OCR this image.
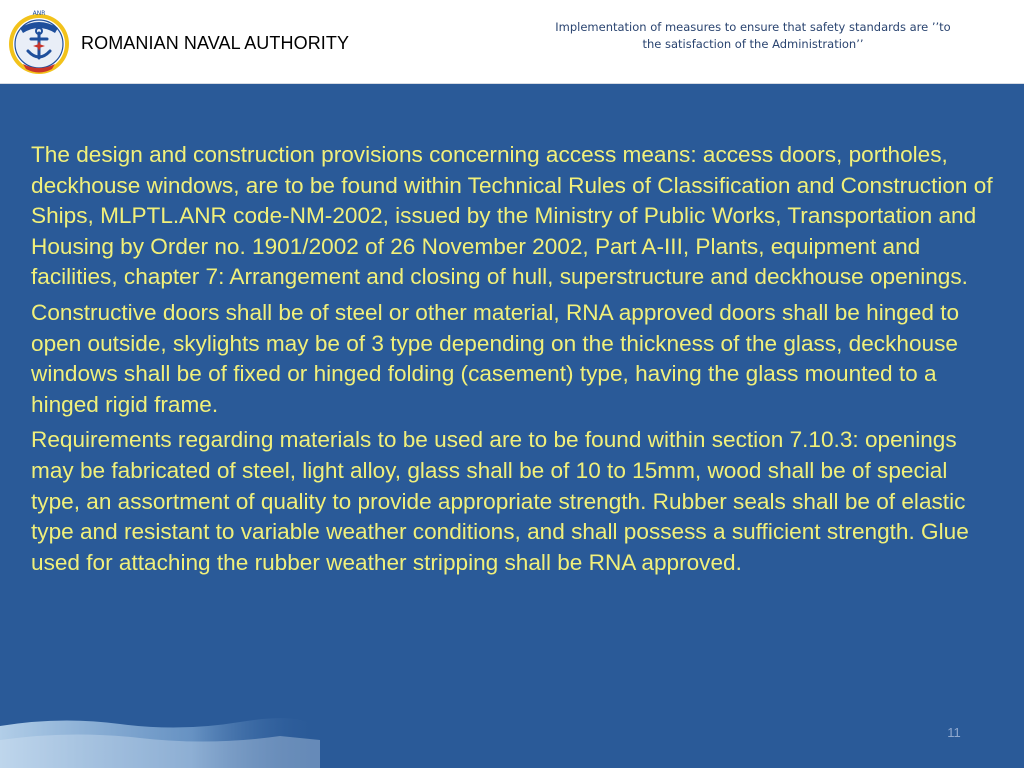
ANR
ROMANIAN NAVAL AUTHORITY
Implementation of measures to ensure that safety standards are ’’to
the satisfaction of the Administration’’

The design and construction provisions concerning access means: access doors, portholes, deckhouse windows, are to be found within Technical Rules of Classification and Construction of Ships, MLPTL.ANR code-NM-2002, issued by the Ministry of Public Works, Transportation and Housing by Order no. 1901/2002 of 26 November 2002, Part A-III, Plants, equipment and facilities, chapter 7: Arrangement and closing of hull, superstructure and deckhouse openings.

Constructive doors shall be of steel or other material, RNA approved doors shall be hinged to open outside, skylights may be of 3 type depending on the thickness of the glass, deckhouse windows shall be of fixed or hinged folding (casement) type, having the glass mounted to a hinged rigid frame.

Requirements regarding materials to be used are to be found within section 7.10.3: openings may be fabricated of steel, light alloy, glass shall be of 10 to 15mm, wood shall be of special type, an assortment of quality to provide appropriate strength. Rubber seals shall be of elastic type and resistant to variable weather conditions, and shall possess a sufficient strength. Glue used for attaching the rubber weather stripping shall be RNA approved.

11
